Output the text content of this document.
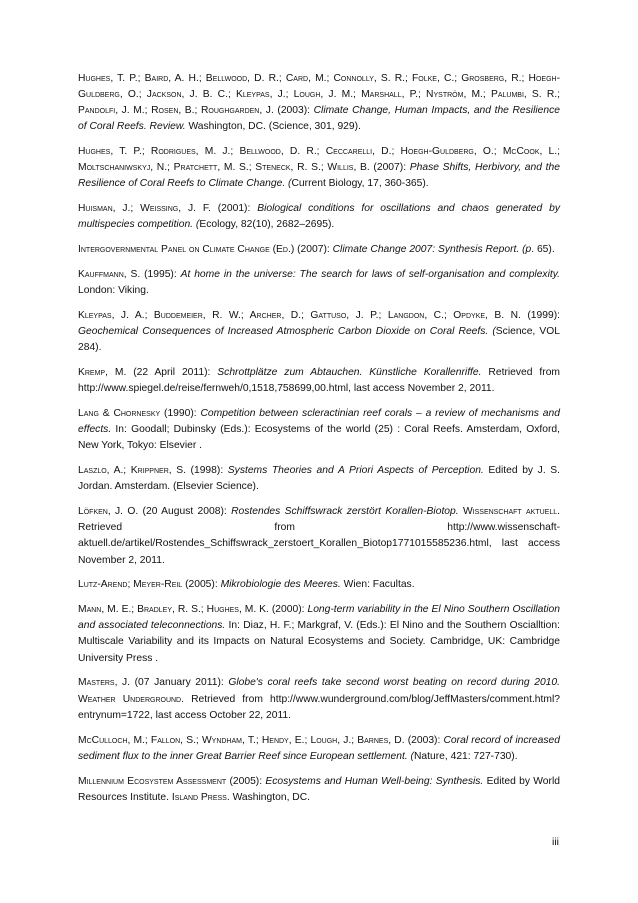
Hughes, T. P.; Baird, A. H.; Bellwood, D. R.; Card, M.; Connolly, S. R.; Folke, C.; Grosberg, R.; Hoegh-Guldberg, O.; Jackson, J. B. C.; Kleypas, J.; Lough, J. M.; Marshall, P.; Nyström, M.; Palumbi, S. R.; Pandolfi, J. M.; Rosen, B.; Roughgarden, J. (2003): Climate Change, Human Impacts, and the Resilience of Coral Reefs. Review. Washington, DC. (Science, 301, 929).

Hughes, T. P.; Rodrigues, M. J.; Bellwood, D. R.; Ceccarelli, D.; Hoegh-Guldberg, O.; McCook, L.; Moltschaniwskyj, N.; Pratchett, M. S.; Steneck, R. S.; Willis, B. (2007): Phase Shifts, Herbivory, and the Resilience of Coral Reefs to Climate Change. (Current Biology, 17, 360-365).

Huisman, J.; Weissing, J. F. (2001): Biological conditions for oscillations and chaos generated by multispecies competition. (Ecology, 82(10), 2682–2695).

Intergovernmental Panel on Climate Change (Ed.) (2007): Climate Change 2007: Synthesis Report. (p. 65).

Kauffmann, S. (1995): At home in the universe: The search for laws of self-organisation and complexity. London: Viking.

Kleypas, J. A.; Buddemeier, R. W.; Archer, D.; Gattuso, J. P.; Langdon, C.; Opdyke, B. N. (1999): Geochemical Consequences of Increased Atmospheric Carbon Dioxide on Coral Reefs. (Science, VOL 284).

Kremp, M. (22 April 2011): Schrottplätze zum Abtauchen. Künstliche Korallenriffe. Retrieved from http://www.spiegel.de/reise/fernweh/0,1518,758699,00.html, last access November 2, 2011.

Lang & Chornesky (1990): Competition between scleractinian reef corals – a review of mechanisms and effects. In: Goodall; Dubinsky (Eds.): Ecosystems of the world (25) : Coral Reefs. Amsterdam, Oxford, New York, Tokyo: Elsevier .

Laszlo, A.; Krippner, S. (1998): Systems Theories and A Priori Aspects of Perception. Edited by J. S. Jordan. Amsterdam. (Elsevier Science).

Löfken, J. O. (20 August 2008): Rostendes Schiffswrack zerstört Korallen-Biotop. Wissenschaft aktuell. Retrieved from http://www.wissenschaft-aktuell.de/artikel/Rostendes_Schiffswrack_zerstoert_Korallen_Biotop1771015585236.html, last access November 2, 2011.

Lutz-Arend; Meyer-Reil (2005): Mikrobiologie des Meeres. Wien: Facultas.

Mann, M. E.; Bradley, R. S.; Hughes, M. K. (2000): Long-term variability in the El Nino Southern Oscillation and associated teleconnections. In: Diaz, H. F.; Markgraf, V. (Eds.): El Nino and the Southern Oscialltion: Multiscale Variability and its Impacts on Natural Ecosystems and Society. Cambridge, UK: Cambridge University Press .

Masters, J. (07 January 2011): Globe's coral reefs take second worst beating on record during 2010. Weather Underground. Retrieved from http://www.wunderground.com/blog/JeffMasters/comment.html?entrynum=1722, last access October 22, 2011.

McCulloch, M.; Fallon, S.; Wyndham, T.; Hendy, E.; Lough, J.; Barnes, D. (2003): Coral record of increased sediment flux to the inner Great Barrier Reef since European settlement. (Nature, 421: 727-730).

Millennium Ecosystem Assessment (2005): Ecosystems and Human Well-being: Synthesis. Edited by World Resources Institute. Island Press. Washington, DC.

iii
